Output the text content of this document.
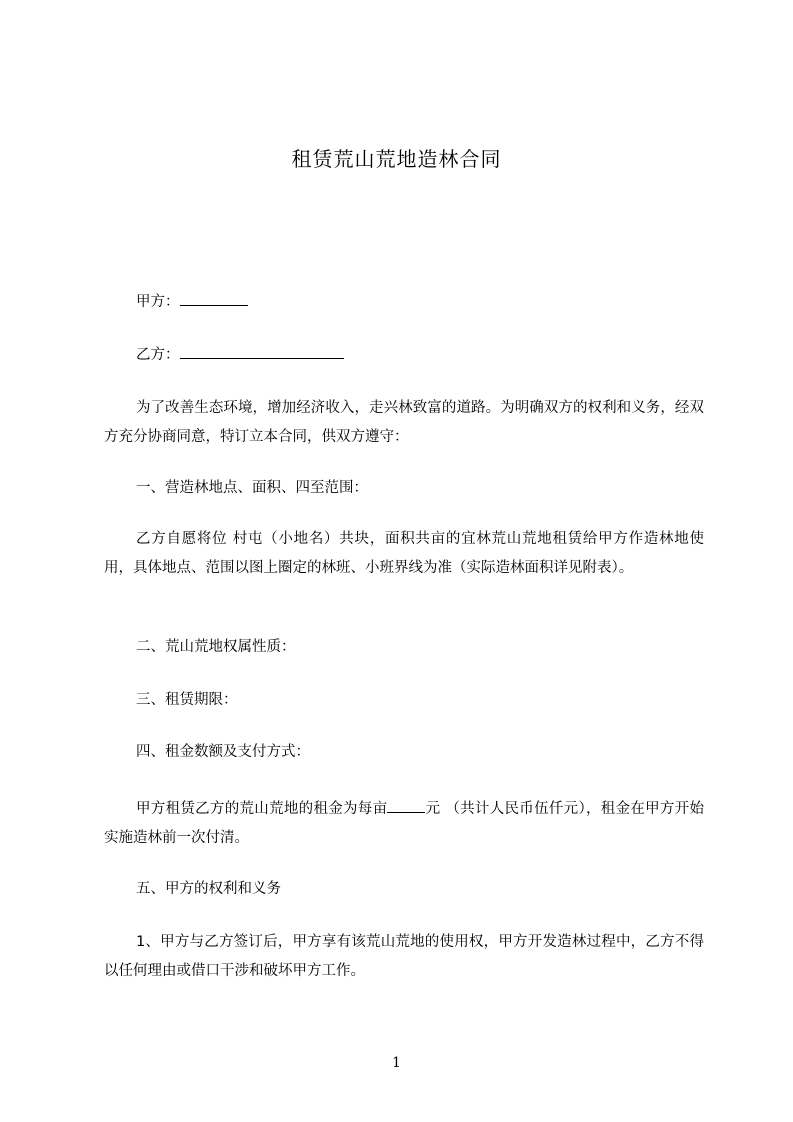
租赁荒山荒地造林合同
甲方：
乙方：
为了改善生态环境，增加经济收入，走兴林致富的道路。为明确双方的权利和义务，经双方充分协商同意，特订立本合同，供双方遵守：
一、营造林地点、面积、四至范围：
乙方自愿将位 村屯（小地名）共块，面积共亩的宜林荒山荒地租赁给甲方作造林地使用，具体地点、范围以图上圈定的林班、小班界线为准（实际造林面积详见附表）。
二、荒山荒地权属性质：
三、租赁期限：
四、租金数额及支付方式：
甲方租赁乙方的荒山荒地的租金为每亩	元 （共计人民币伍仟元），租金在甲方开始实施造林前一次付清。
五、甲方的权利和义务
1、甲方与乙方签订后，甲方享有该荒山荒地的使用权，甲方开发造林过程中，乙方不得以任何理由或借口干涉和破坏甲方工作。
1
